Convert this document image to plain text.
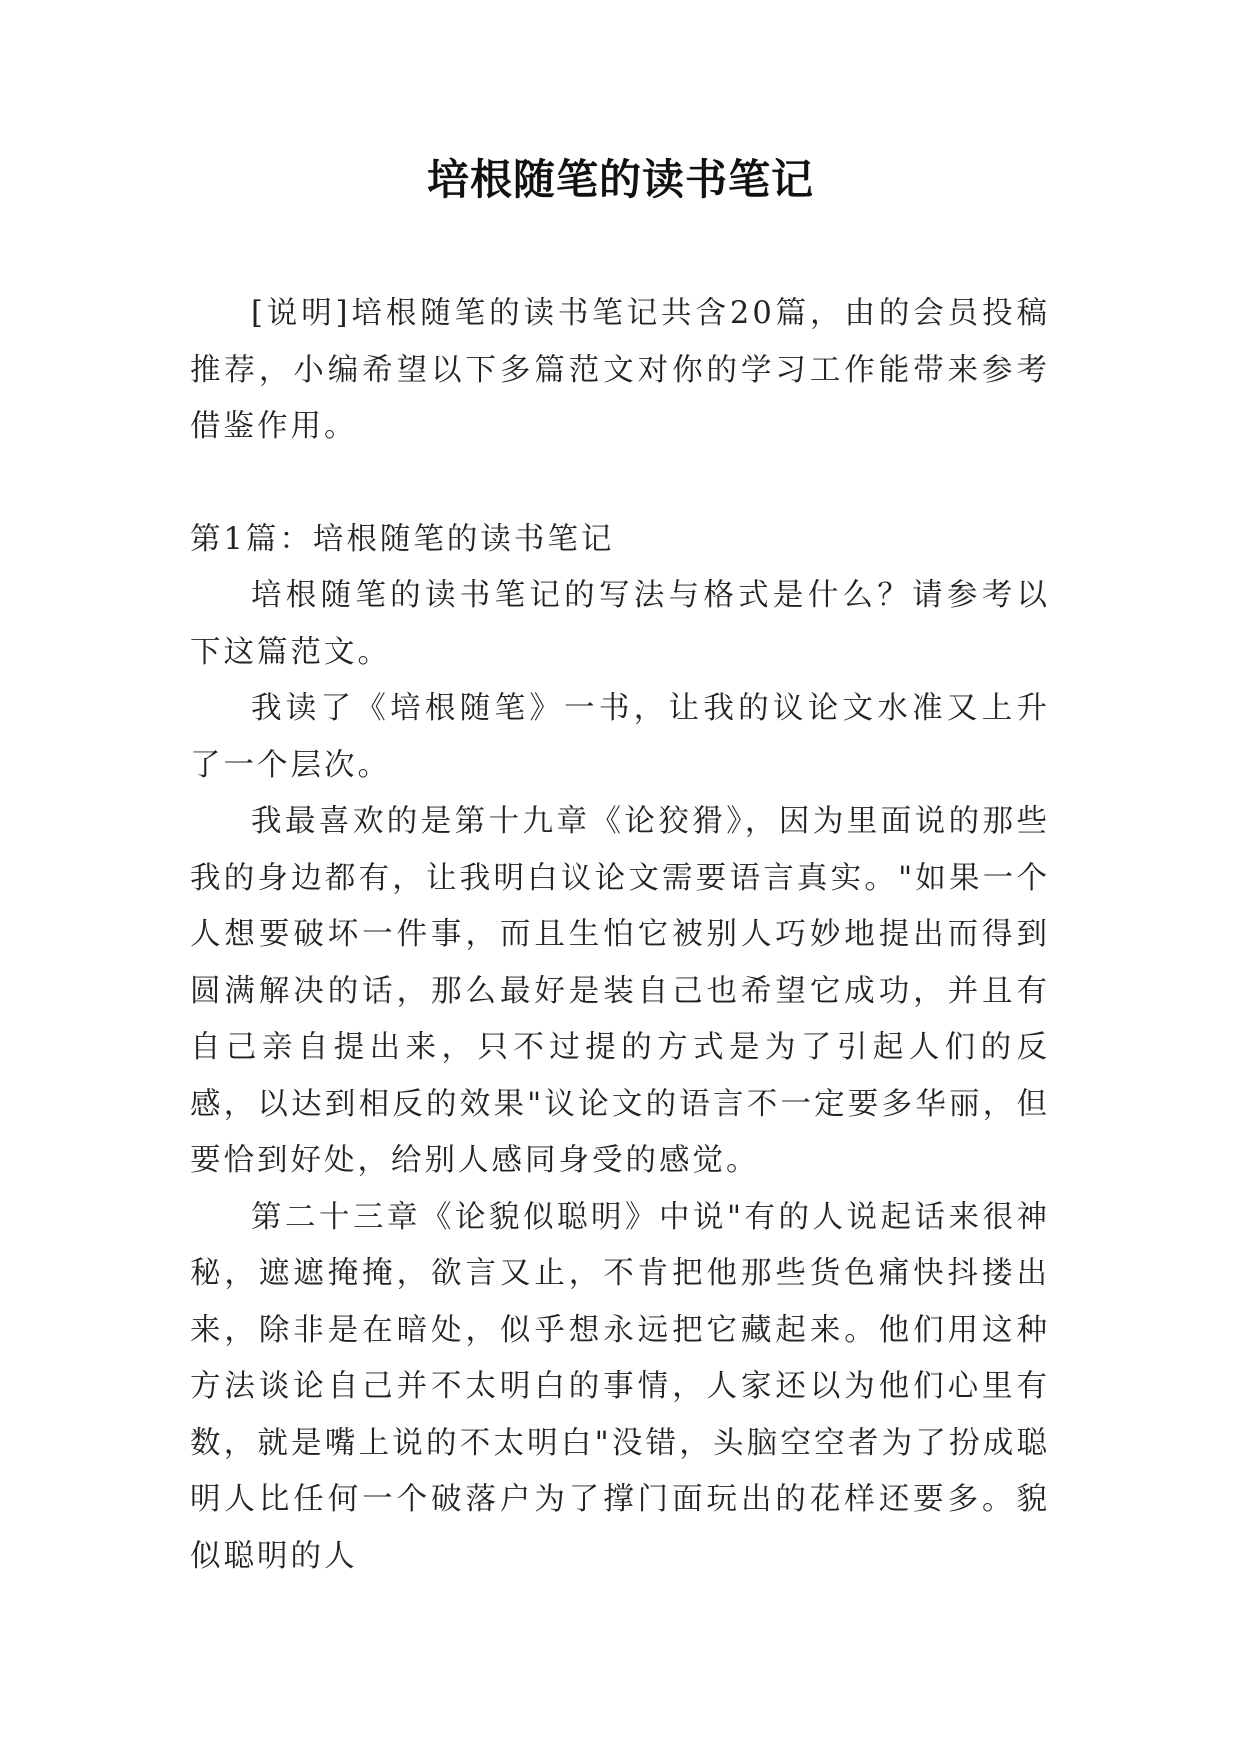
培根随笔的读书笔记

[说明]培根随笔的读书笔记共含20篇，由的会员投稿推荐，小编希望以下多篇范文对你的学习工作能带来参考借鉴作用。

第1篇：培根随笔的读书笔记

培根随笔的读书笔记的写法与格式是什么？请参考以下这篇范文。

我读了《培根随笔》一书，让我的议论文水准又上升了一个层次。

我最喜欢的是第十九章《论狡猾》，因为里面说的那些我的身边都有，让我明白议论文需要语言真实。"如果一个人想要破坏一件事，而且生怕它被别人巧妙地提出而得到圆满解决的话，那么最好是装自己也希望它成功，并且有自己亲自提出来，只不过提的方式是为了引起人们的反感，以达到相反的效果"议论文的语言不一定要多华丽，但要恰到好处，给别人感同身受的感觉。

第二十三章《论貌似聪明》中说"有的人说起话来很神秘，遮遮掩掩，欲言又止，不肯把他那些货色痛快抖搂出来，除非是在暗处，似乎想永远把它藏起来。他们用这种方法谈论自己并不太明白的事情，人家还以为他们心里有数，就是嘴上说的不太明白"没错，头脑空空者为了扮成聪明人比任何一个破落户为了撑门面玩出的花样还要多。貌似聪明的人
